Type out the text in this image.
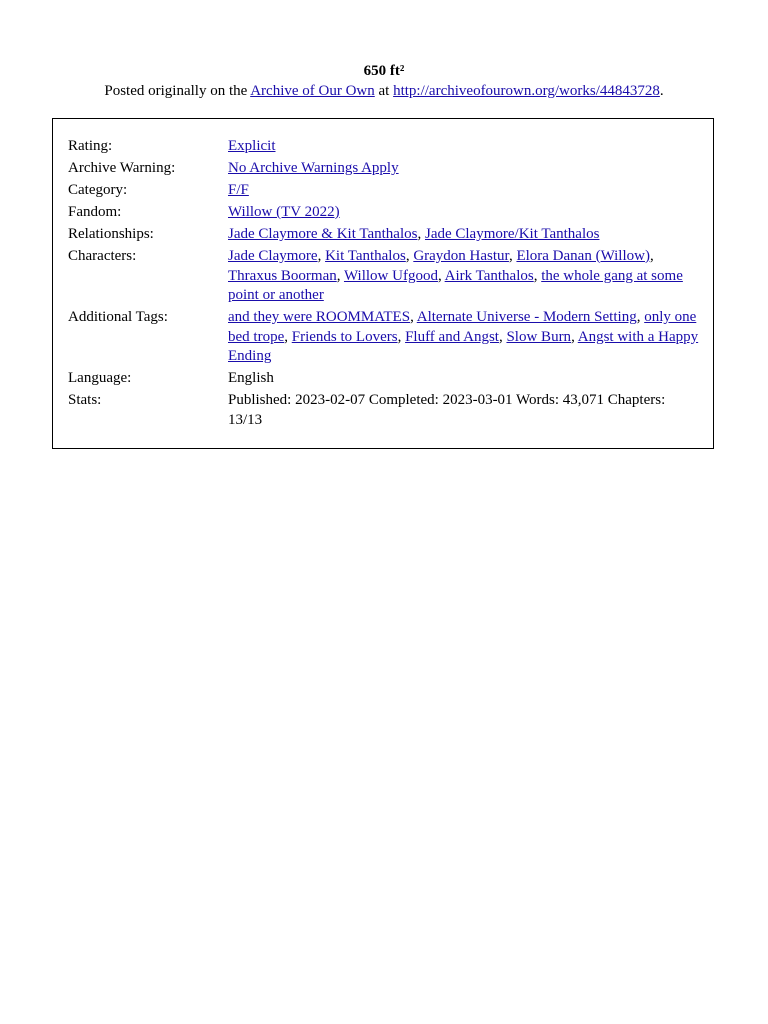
650 ft²
Posted originally on the Archive of Our Own at http://archiveofourown.org/works/44843728.
Rating:	Explicit
Archive Warning:	No Archive Warnings Apply
Category:	F/F
Fandom:	Willow (TV 2022)
Relationships:	Jade Claymore & Kit Tanthalos, Jade Claymore/Kit Tanthalos
Characters:	Jade Claymore, Kit Tanthalos, Graydon Hastur, Elora Danan (Willow), Thraxus Boorman, Willow Ufgood, Airk Tanthalos, the whole gang at some point or another
Additional Tags:	and they were ROOMMATES, Alternate Universe - Modern Setting, only one bed trope, Friends to Lovers, Fluff and Angst, Slow Burn, Angst with a Happy Ending
Language:	English
Stats:	Published: 2023-02-07 Completed: 2023-03-01 Words: 43,071 Chapters: 13/13
